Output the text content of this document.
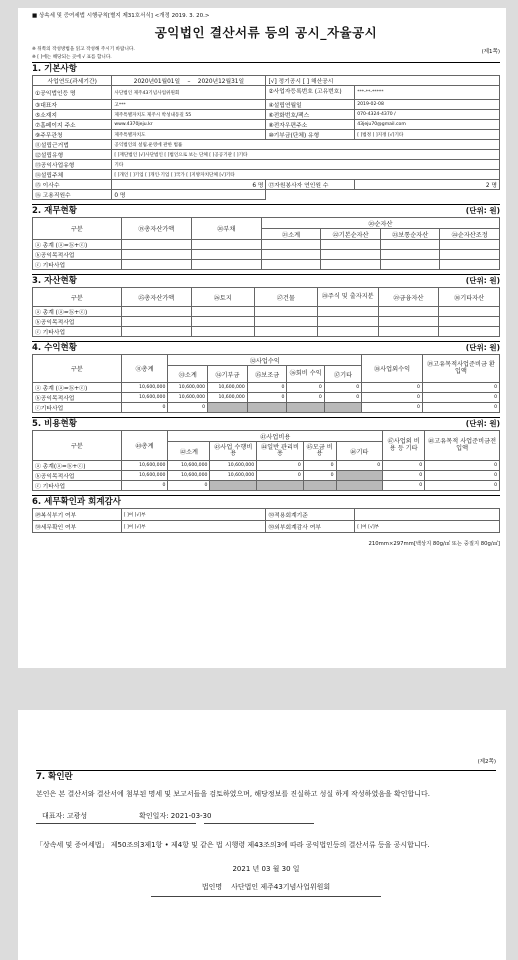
■ 상속세 및 증여세법 시행규칙[별지 제31호서식] <개정 2019. 3. 20.>
공익법인 결산서류 등의 공시_자율공시
※ 뒤쪽의 작성방법을 읽고 작성해 주시기 바랍니다.
※ [ ]에는 해당되는 곳에 √ 표를 합니다.
(제1쪽)
1. 기본사항
사업연도(과세기간)	2020년01월01일 – 2020년12월31일	[√] 정기공시 [ ] 해산공시	
①공익법인등 명	사단법인 제주43기념사업위원회	②사업자등록번호 (고유번호)	***-**-*****
③대표자	고***	④설립연월일	2019-02-08
⑤소재지	제주특별자치도 제주시 박성내동길 55	⑥전화번호/팩스	070-4324-4370 /
⑦홈페이지 주소	www.4370jeju.kr	⑧전자우편주소	43jeju70@gmail.com
⑨주무관청	제주특별자치도	⑩기부금(단체) 유형	[ ]법정 [ ]지정 [√]기타
⑪설립근거법	공익법인의 설립.운영에 관한 법률		
⑫설립유형	[ ]재단법인 [√]사단법인 [ ]법인으로 보는 단체 [ ]공공기관 [ ]기타		
⑬공익사업유형	기타		
⑭설립주체	[ ]개인 [ ]기업 [ ]개인·기업 [ ]국가 [ ]지방자치단체 [√]기타		
⑮ 이사수	6 명	⑰자원봉사자 연인원 수	2 명
⑯ 고용직원수	0 명		
2. 재무현황	(단위: 원)
구분	⑲총자산가액	⑳부채	⑳순자산			
			㉑소계	㉒기본순자산	㉓보통순자산	㉔순자산조정
ⓐ 총계 (ⓐ=ⓑ+ⓒ)						
ⓑ공익목적사업						
ⓒ 기타사업						
3. 자산현황	(단위: 원)
구분	㉕총자산가액	㉖토지	㉗건물	㉘주식 및 출자지분	㉙금융자산	㉚기타자산
ⓐ 총계 (ⓐ=ⓑ+ⓒ)						
ⓑ공익목적사업						
ⓒ 기타사업						
4. 수익현황	(단위: 원)
구분	㉛총계	㉜사업수익					㊳사업외수익	㊴고유목적사업준비금 환입액
		㉝소계	㉞기부금	㉟보조금	㊱회비 수익	㊲기타		
ⓐ 총계 (ⓐ=ⓑ+ⓒ)	10,600,000	10,600,000	10,600,000	0	0	0	0	0
ⓑ공익목적사업	10,600,000	10,600,000	10,600,000	0	0	0	0	0
ⓒ기타사업	0	0					0	0
5. 비용현황	(단위: 원)
구분	㊵총계	㊶사업비용					㊼사업외 비용 등 기타	㊽고유목적 사업준비금전 입액
		㊷소계	㊸사업 수행비용	㊹일반 관리비용	㊺모금 비용	㊻기타		
ⓐ 총계(ⓐ=ⓑ+ⓒ)	10,600,000	10,600,000	10,600,000	0	0	0	0	0
ⓑ공익목적사업	10,600,000	10,600,000	10,600,000	0	0		0	0
ⓒ 기타사업	0	0					0	0
6. 세무확인과 회계감사
㊾복식부기 여부	[ ]여 [√]부	㊿적용회계기준	
㊿세무확인 여부	[ ]여 [√]부	㊿외부회계감사 여부	[ ]여 [√]부
210mm×297mm[백상지 80g/㎡ 또는 중질지 80g/㎡]
(제2쪽)
7. 확인란
본인은 본 결산서와 결산서에 첨부된 명세 및 보고서들을 검토하였으며, 해당정보를 진실하고 성실 하게 작성하였음을 확인합니다.
대표자: 고광성	확인일자: 2021-03-30
「상속세 및 증여세법」 제50조의3제1항 • 제4항 및 같은 법 시행령 제43조의3에 따라 공익법인등의 결산서류 등을 공시합니다.
2021 년 03 월 30 일
법인명 사단법인 제주43기념사업위원회
